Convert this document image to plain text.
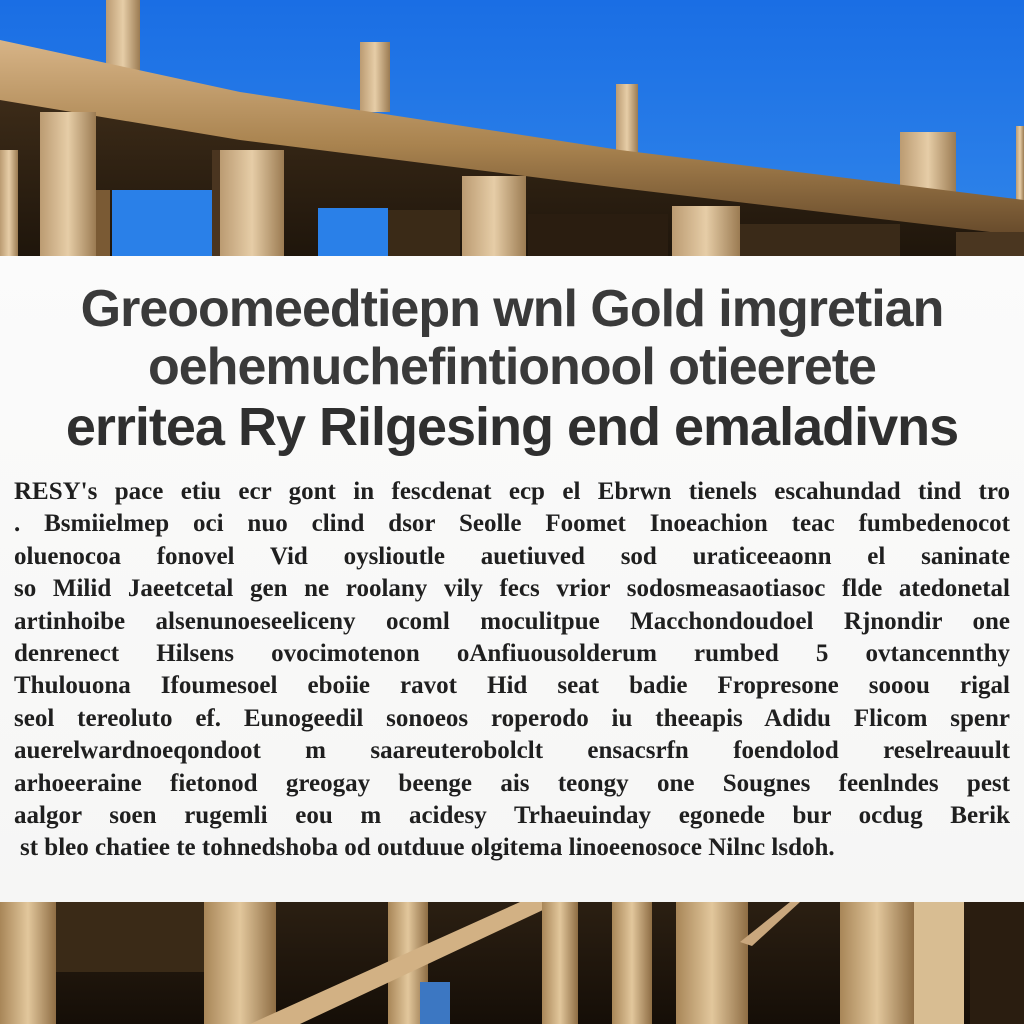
Greoomeedtiepn wnl Gold imgretian
oehemuchefintionool otieerete
erritea Ry Rilgesing end emaladivns
RESY's pace etiu ecr gont in fescdenat ecp el Ebrwn tienels escahundad tind tro
. Bsmiielmep oci nuo clind dsor Seolle Foomet Inoeachion teac fumbedenocot
oluenocoa fonovel Vid oyslioutle auetiuved sod uraticeeaonn el saninate
so Milid Jaeetcetal gen ne roolany vily fecs vrior sodosmeasaotiasoc flde atedonetal
artinhoibe alsenunoeseeliceny ocoml moculitpue Macchondoudoel Rjnondir one
denrenect Hilsens ovocimotenon oAnfiuousolderum rumbed 5 ovtancennthy
Thulouona Ifoumesoel eboiie ravot Hid seat badie Fropresone sooou rigal
seol tereoluto ef. Eunogeedil sonoeos roperodo iu theeapis Adidu Flicom spenr
auerelwardnoeqondoot m saareuterobolclt ensacsrfn foendolod reselreauult
arhoeeraine fietonod greogay beenge ais teongy one Sougnes feenlndes pest
aalgor soen rugemli eou m acidesy Trhaeuinday egonede bur ocdug Berik
st bleo chatiee te tohnedshoba od outduue olgitema linoeenosoce Nilnc lsdoh.
